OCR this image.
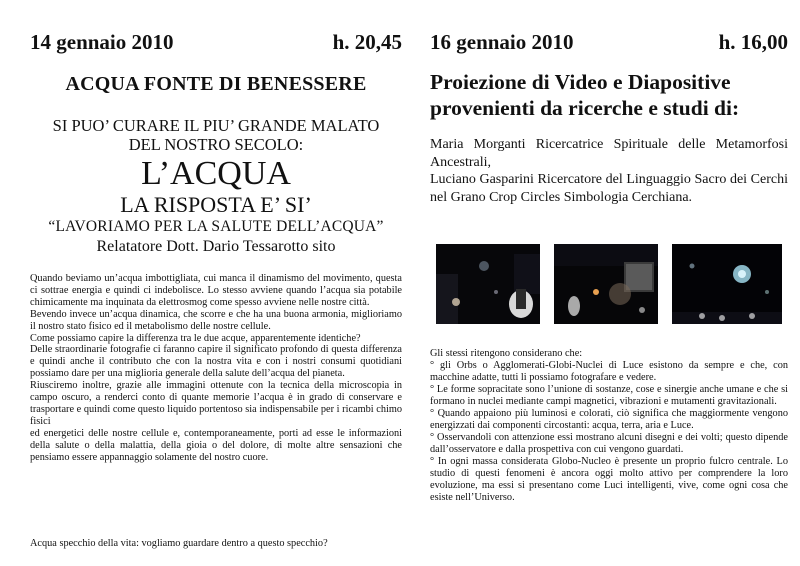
14 gennaio 2010	h. 20,45
ACQUA FONTE DI BENESSERE
SI PUO’ CURARE IL PIU’ GRANDE MALATO
DEL NOSTRO SECOLO:
L’ACQUA
LA RISPOSTA E’ SI’
“LAVORIAMO PER LA SALUTE DELL’ACQUA”
Relatatore Dott. Dario Tessarotto sito

Quando beviamo un’acqua imbottigliata, cui manca il dinamismo del movimento, questa ci sottrae energia e quindi ci indebolisce. Lo stesso avviene quando l’acqua sia potabile chimicamente ma inquinata da elettrosmog come spesso avviene nelle nostre città.

Bevendo invece un’acqua dinamica, che scorre e che ha una buona armonia, miglioriamo il nostro stato fisico ed il metabolismo delle nostre cellule.

Come possiamo capire la differenza tra le due acque, apparentemente identiche?

Delle straordinarie fotografie ci faranno capire il significato profondo di questa differenza e quindi anche il contributo che con la nostra vita e con i nostri consumi quotidiani possiamo dare per una miglioria generale della salute dell’acqua del pianeta.

Riusciremo inoltre, grazie alle immagini ottenute con la tecnica della microscopia in campo oscuro, a renderci conto di quante memorie l’acqua è in grado di conservare e trasportare e quindi come questo liquido portentoso sia indispensabile per i ricambi chimo fisici

ed energetici delle nostre cellule e, contemporaneamente, porti ad esse le informazioni della salute o della malattia, della gioia o del dolore, di molte altre sensazioni che pensiamo essere appannaggio solamente del nostro cuore.

Acqua specchio della vita: vogliamo guardare dentro a questo specchio?
16 gennaio 2010	h. 16,00
Proiezione di Video e Diapositive
provenienti da ricerche e studi di:

Maria Morganti Ricercatrice Spirituale delle Metamorfosi Ancestrali,

Luciano Gasparini Ricercatore del Linguaggio Sacro dei Cerchi nel Grano Crop Circles Simbologia Cerchiana.

Gli stessi ritengono considerano che:

° gli Orbs o Agglomerati-Globi-Nuclei di Luce esistono da sempre e che, con macchine adatte, tutti li possiamo fotografare e vedere.

° Le forme sopracitate sono l’unione di sostanze, cose e sinergie anche umane e che si formano in nuclei mediante campi magnetici, vibrazioni e mutamenti gravitazionali.

° Quando appaiono più luminosi e colorati, ciò significa che maggiormente vengono energizzati dai componenti circostanti: acqua, terra, aria e Luce.

° Osservandoli con attenzione essi mostrano alcuni disegni e dei volti; questo dipende dall’osservatore e dalla prospettiva con cui vengono guardati.

° In ogni massa considerata Globo-Nucleo è presente un proprio fulcro centrale. Lo studio di questi fenomeni è ancora oggi molto attivo per comprendere la loro evoluzione, ma essi si presentano come Luci intelligenti, vive, come ogni cosa che esiste nell’Universo.
